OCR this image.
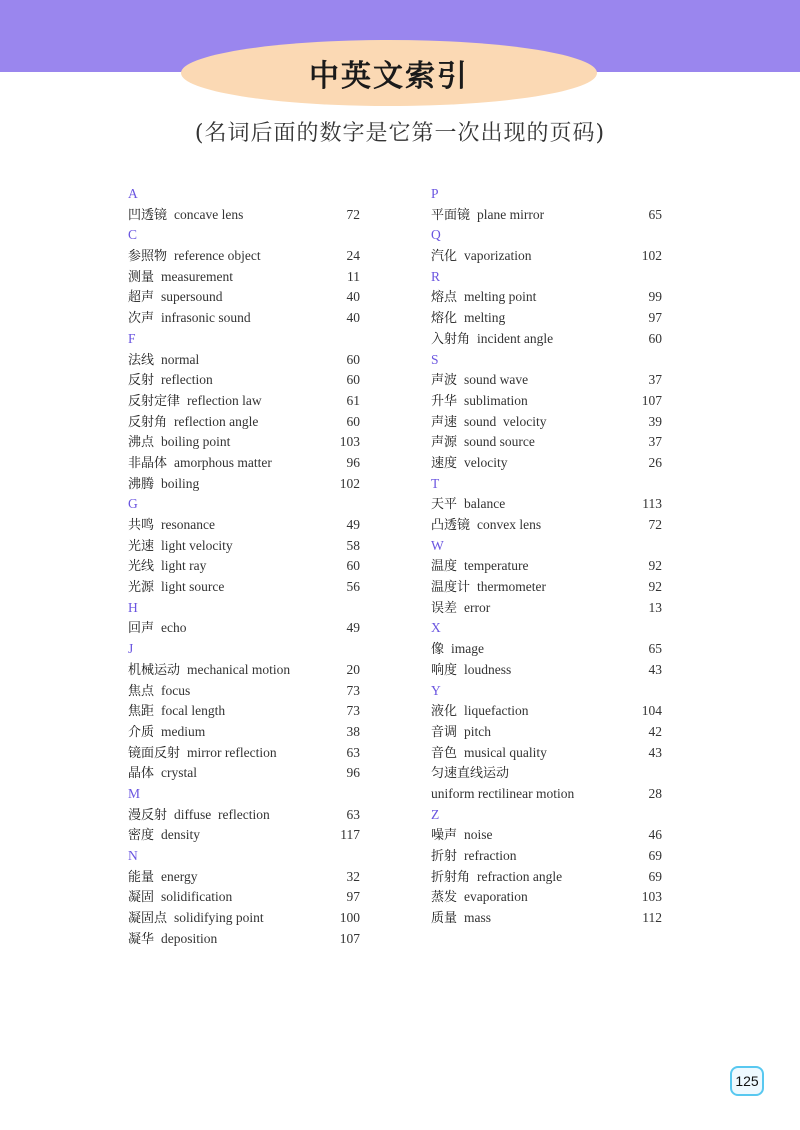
中英文索引
(名词后面的数字是它第一次出现的页码)
A
凹透镜 concave lens	72
C
参照物 reference object	24
测量 measurement	11
超声 supersound	40
次声 infrasonic sound	40
F
法线 normal	60
反射 reflection	60
反射定律 reflection law	61
反射角 reflection angle	60
沸点 boiling point	103
非晶体 amorphous matter	96
沸腾 boiling	102
G
共鸣 resonance	49
光速 light velocity	58
光线 light ray	60
光源 light source	56
H
回声 echo	49
J
机械运动 mechanical motion	20
焦点 focus	73
焦距 focal length	73
介质 medium	38
镜面反射 mirror reflection	63
晶体 crystal	96
M
漫反射 diffuse  reflection	63
密度 density	117
N
能量 energy	32
凝固 solidification	97
凝固点 solidifying point	100
凝华 deposition	107
P
平面镜 plane mirror	65
Q
汽化 vaporization	102
R
熔点 melting point	99
熔化 melting	97
入射角 incident angle	60
S
声波 sound wave	37
升华 sublimation	107
声速 sound  velocity	39
声源 sound source	37
速度 velocity	26
T
天平 balance	113
凸透镜 convex lens	72
W
温度 temperature	92
温度计 thermometer	92
误差 error	13
X
像 image	65
响度 loudness	43
Y
液化 liquefaction	104
音调 pitch	42
音色 musical quality	43
匀速直线运动
uniform rectilinear motion	28
Z
噪声 noise	46
折射 refraction	69
折射角 refraction angle	69
蒸发 evaporation	103
质量 mass	112
125
